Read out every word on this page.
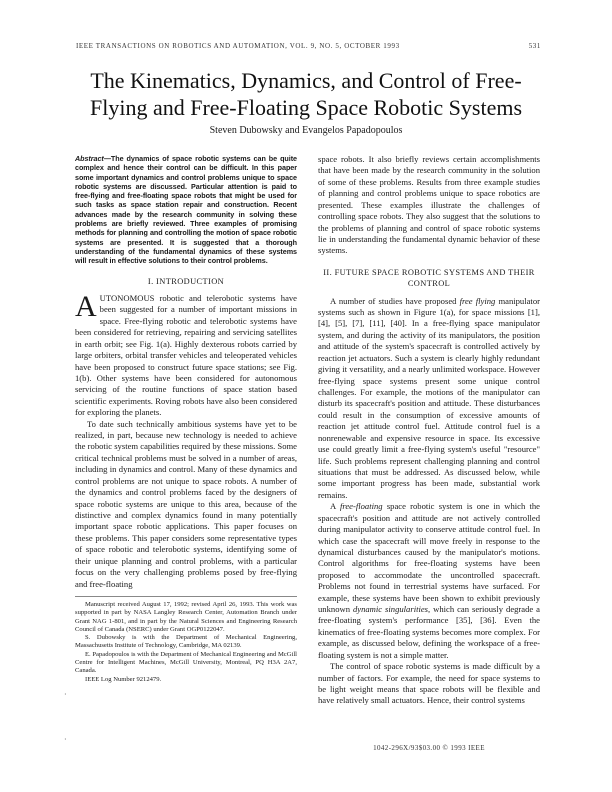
IEEE TRANSACTIONS ON ROBOTICS AND AUTOMATION, VOL. 9, NO. 5, OCTOBER 1993	531
The Kinematics, Dynamics, and Control of Free-
Flying and Free-Floating Space Robotic Systems
Steven Dubowsky and Evangelos Papadopoulos
Abstract—The dynamics of space robotic systems can be quite complex and hence their control can be difficult. In this paper some important dynamics and control problems unique to space robotic systems are discussed. Particular attention is paid to free-flying and free-floating space robots that might be used for such tasks as space station repair and construction. Recent advances made by the research community in solving these problems are briefly reviewed. Three examples of promising methods for planning and controlling the motion of space robotic systems are presented. It is suggested that a thorough understanding of the fundamental dynamics of these systems will result in effective solutions to their control problems.
I. INTRODUCTION

AUTONOMOUS robotic and telerobotic systems have been suggested for a number of important missions in space. Free-flying robotic and telerobotic systems have been considered for retrieving, repairing and servicing satellites in earth orbit; see Fig. 1(a). Highly dexterous robots carried by large orbiters, orbital transfer vehicles and teleoperated vehicles have been proposed to construct future space stations; see Fig. 1(b). Other systems have been considered for autonomous servicing of the routine functions of space station based scientific experiments. Roving robots have also been considered for exploring the planets.

To date such technically ambitious systems have yet to be realized, in part, because new technology is needed to achieve the robotic system capabilities required by these missions. Some critical technical problems must be solved in a number of areas, including in dynamics and control. Many of these dynamics and control problems are not unique to space robots. A number of the dynamics and control problems faced by the designers of space robotic systems are unique to this area, because of the distinctive and complex dynamics found in many potentially important space robotic applications. This paper focuses on these problems. This paper considers some representative types of space robotic and telerobotic systems, identifying some of their unique planning and control problems, with a particular focus on the very challenging problems posed by free-flying and free-floating

Manuscript received August 17, 1992; revised April 26, 1993. This work was supported in part by NASA Langley Research Center, Automation Branch under Grant NAG 1-801, and in part by the Natural Sciences and Engineering Research Council of Canada (NSERC) under Grant OGP0122047.

S. Dubowsky is with the Department of Mechanical Engineering, Massachusetts Institute of Technology, Cambridge, MA 02139.

E. Papadopoulos is with the Department of Mechanical Engineering and McGill Centre for Intelligent Machines, McGill University, Montreal, PQ H3A 2A7, Canada.

IEEE Log Number 9212479.

space robots. It also briefly reviews certain accomplishments that have been made by the research community in the solution of some of these problems. Results from three example studies of planning and control problems unique to space robotics are presented. These examples illustrate the challenges of controlling space robots. They also suggest that the solutions to the problems of planning and control of space robotic systems lie in understanding the fundamental dynamic behavior of these systems.

II. FUTURE SPACE ROBOTIC SYSTEMS AND THEIR CONTROL

A number of studies have proposed free flying manipulator systems such as shown in Figure 1(a), for space missions [1], [4], [5], [7], [11], [40]. In a free-flying space manipulator system, and during the activity of its manipulators, the position and attitude of the system's spacecraft is controlled actively by reaction jet actuators. Such a system is clearly highly redundant giving it versatility, and a nearly unlimited workspace. However free-flying space systems present some unique control challenges. For example, the motions of the manipulator can disturb its spacecraft's position and attitude. These disturbances could result in the consumption of excessive amounts of reaction jet attitude control fuel. Attitude control fuel is a nonrenewable and expensive resource in space. Its excessive use could greatly limit a free-flying system's useful "resource" life. Such problems represent challenging planning and control situations that must be addressed. As discussed below, while some important progress has been made, substantial work remains.

A free-floating space robotic system is one in which the spacecraft's position and attitude are not actively controlled during manipulator activity to conserve attitude control fuel. In which case the spacecraft will move freely in response to the dynamical disturbances caused by the manipulator's motions. Control algorithms for free-floating systems have been proposed to accommodate the uncontrolled spacecraft. Problems not found in terrestrial systems have surfaced. For example, these systems have been shown to exhibit previously unknown dynamic singularities, which can seriously degrade a free-floating system's performance [35], [36]. Even the kinematics of free-floating systems becomes more complex. For example, as discussed below, defining the workspace of a free-floating system is not a simple matter.

The control of space robotic systems is made difficult by a number of factors. For example, the need for space systems to be light weight means that space robots will be flexible and have relatively small actuators. Hence, their control systems

1042-296X/93$03.00 © 1993 IEEE
·
·
